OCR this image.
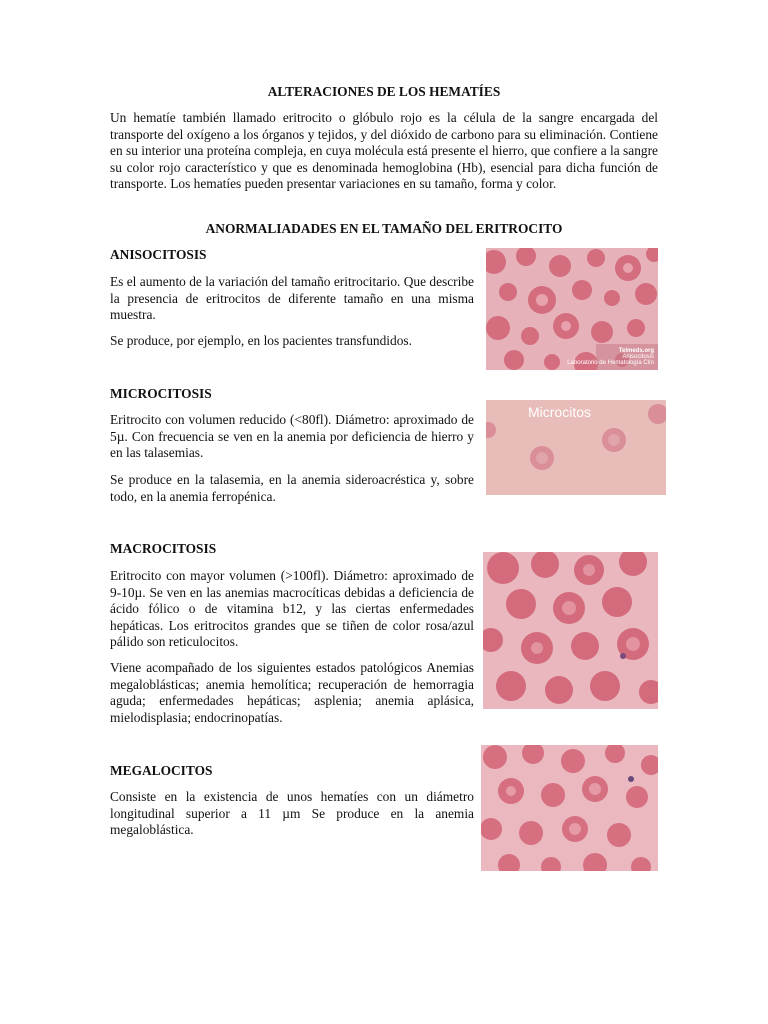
ALTERACIONES DE LOS HEMATÍES

Un hematíe también llamado eritrocito o glóbulo rojo es la célula de la sangre encargada del transporte del oxígeno a los órganos y tejidos, y del dióxido de carbono para su eliminación. Contiene en su interior una proteína compleja, en cuya molécula está presente el hierro, que confiere a la sangre su color rojo característico y que es denominada hemoglobina (Hb), esencial para dicha función de transporte. Los hematíes pueden presentar variaciones en su tamaño, forma y color.

ANORMALIADADES EN EL TAMAÑO DEL ERITROCITO
ANISOCITOSIS

Es el aumento de la variación del tamaño eritrocitario. Que describe la presencia de eritrocitos de diferente tamaño en una misma muestra.

Se produce, por ejemplo, en los pacientes transfundidos.

Telmeds.org
Anisocitosis
Laboratorio de Hematología Clín
MICROCITOSIS

Eritrocito con volumen reducido (<80fl). Diámetro: aproximado de 5µ. Con frecuencia se ven en la anemia por deficiencia de hierro y en las talasemias.

Se produce en la talasemia, en la anemia sideroacréstica y, sobre todo, en la anemia ferropénica.

Microcitos
MACROCITOSIS

Eritrocito con mayor volumen (>100fl). Diámetro: aproximado de 9-10µ. Se ven en las anemias macrocíticas debidas a deficiencia de ácido fólico o de vitamina b12, y las ciertas enfermedades hepáticas. Los eritrocitos grandes que se tiñen de color rosa/azul pálido son reticulocitos.

Viene acompañado de los siguientes estados patológicos Anemias megaloblásticas; anemia hemolítica; recuperación de hemorragia aguda; enfermedades hepáticas; asplenia; anemia aplásica, mielodisplasia; endocrinopatías.

MEGALOCITOS

Consiste en la existencia de unos hematíes con un diámetro longitudinal superior a 11 µm Se produce en la anemia megaloblástica.
